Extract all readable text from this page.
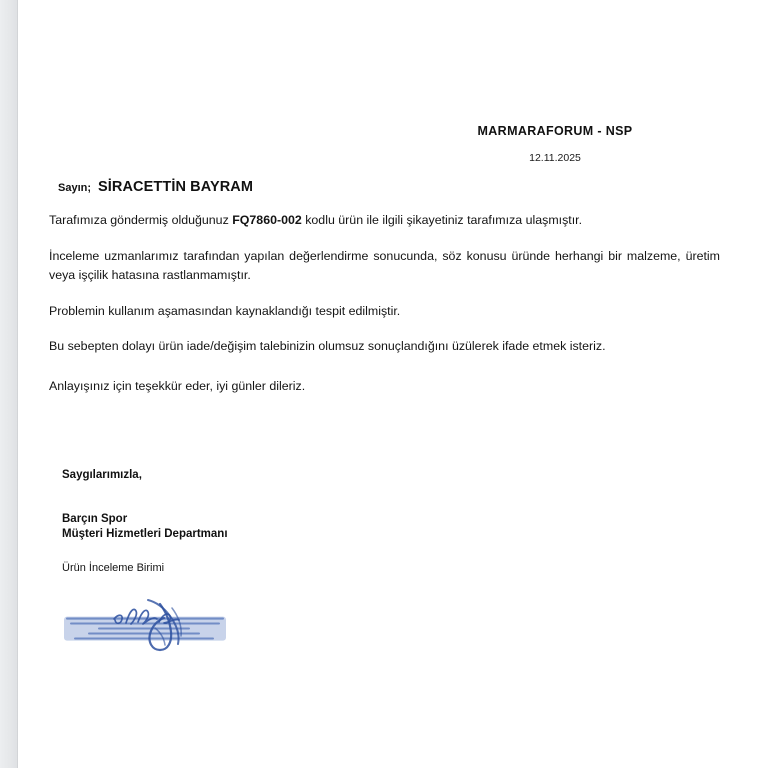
MARMARAFORUM - NSP
12.11.2025
Sayın; SİRACETTİN BAYRAM

Tarafımıza göndermiş olduğunuz FQ7860-002 kodlu ürün ile ilgili şikayetiniz tarafımıza ulaşmıştır.

İnceleme uzmanlarımız tarafından yapılan değerlendirme sonucunda, söz konusu üründe herhangi bir malzeme, üretim veya işçilik hatasına rastlanmamıştır.

Problemin kullanım aşamasından kaynaklandığı tespit edilmiştir.

Bu sebepten dolayı ürün iade/değişim talebinizin olumsuz sonuçlandığını üzülerek ifade etmek isteriz.

Anlayışınız için teşekkür eder, iyi günler dileriz.

Saygılarımızla,
Barçın Spor
Müşteri Hizmetleri Departmanı
Ürün İnceleme Birimi
